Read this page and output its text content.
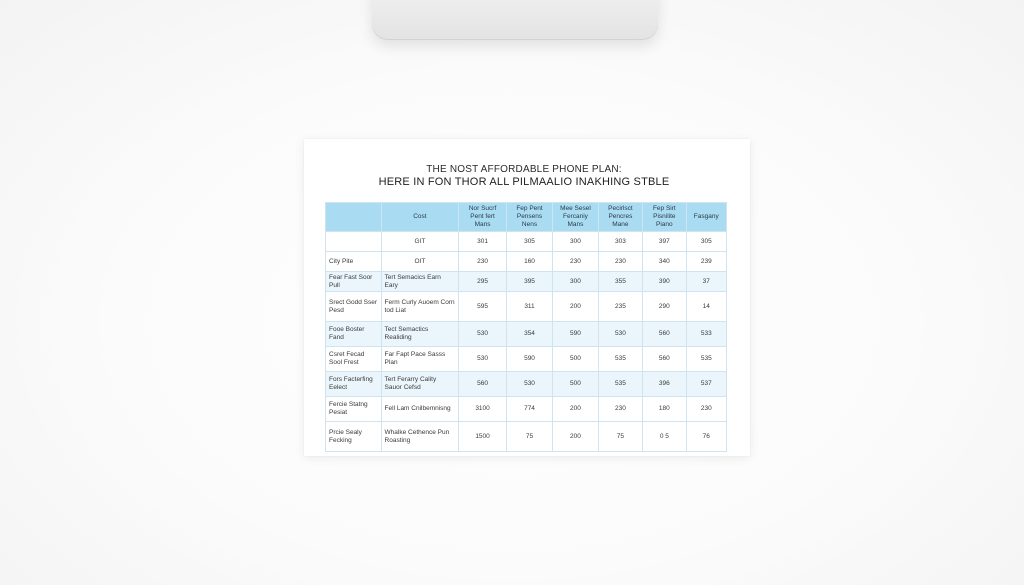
THE NOST AFFORDABLE PHONE PLAN:
HERE IN FON THOR ALL PILMAALIO INAKHING STBLE
	Cost	Nor Sucrf Pent fert Mans	Fep Pent Pensens Nens	Mee Sesel Fercaniy Mans	Pecirlsct Pencres Mane	Fep Sirt Pisnilite Piano	Fasgany
	GIT	301	305	300	303	397	305
City Pite	OIT	230	160	230	230	340	239
Fear Fast Soor Pull	Tert Semacics Earn Eary	295	395	300	355	390	37
Srect Godd Sser Pesd	Ferm Curly Auoem Corn tod Liat	595	311	200	235	290	14
Fooe Boster Fand	Tect Semactics Realiding	530	354	590	530	560	533
Csret Fecad Sool Frest	Far Fapt Pace Sasss Plan	530	590	500	535	560	535
Fors Facterfing Eelect	Tert Ferarry Cality Sauor Cefsd	560	530	500	535	396	537
Fercie Statng Pesiat	Fell Lam Cnilbemnisng	3100	774	200	230	180	230
Prcie Sealy Fecking	Whalke Cethence Pun Roasting	1500	75	200	75	0 5	76
